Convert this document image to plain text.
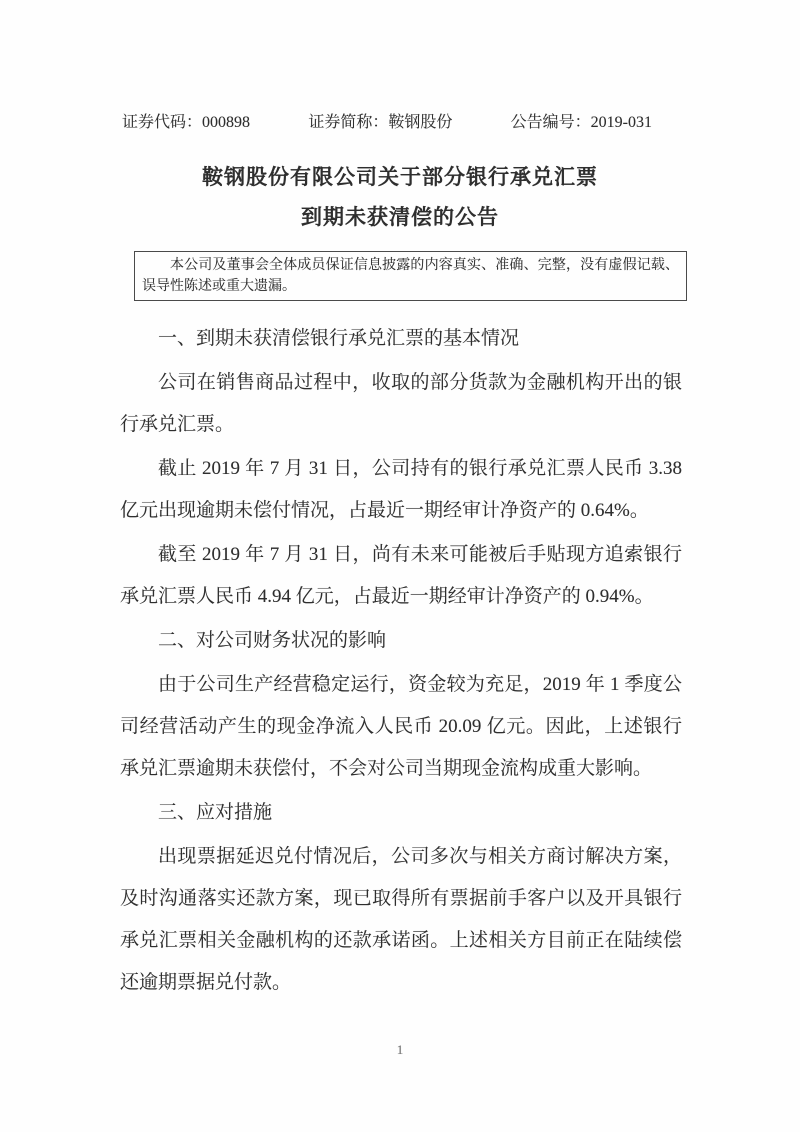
证券代码：000898	证券简称：鞍钢股份	公告编号：2019-031
鞍钢股份有限公司关于部分银行承兑汇票
到期未获清偿的公告
本公司及董事会全体成员保证信息披露的内容真实、准确、完整，没有虚假记载、误导性陈述或重大遗漏。

一、到期未获清偿银行承兑汇票的基本情况

公司在销售商品过程中，收取的部分货款为金融机构开出的银行承兑汇票。

截止 2019 年 7 月 31 日，公司持有的银行承兑汇票人民币 3.38 亿元出现逾期未偿付情况，占最近一期经审计净资产的 0.64%。

截至 2019 年 7 月 31 日，尚有未来可能被后手贴现方追索银行承兑汇票人民币 4.94 亿元，占最近一期经审计净资产的 0.94%。

二、对公司财务状况的影响

由于公司生产经营稳定运行，资金较为充足，2019 年 1 季度公司经营活动产生的现金净流入人民币 20.09 亿元。因此，上述银行承兑汇票逾期未获偿付，不会对公司当期现金流构成重大影响。

三、应对措施

出现票据延迟兑付情况后，公司多次与相关方商讨解决方案，及时沟通落实还款方案，现已取得所有票据前手客户以及开具银行承兑汇票相关金融机构的还款承诺函。上述相关方目前正在陆续偿还逾期票据兑付款。

1
